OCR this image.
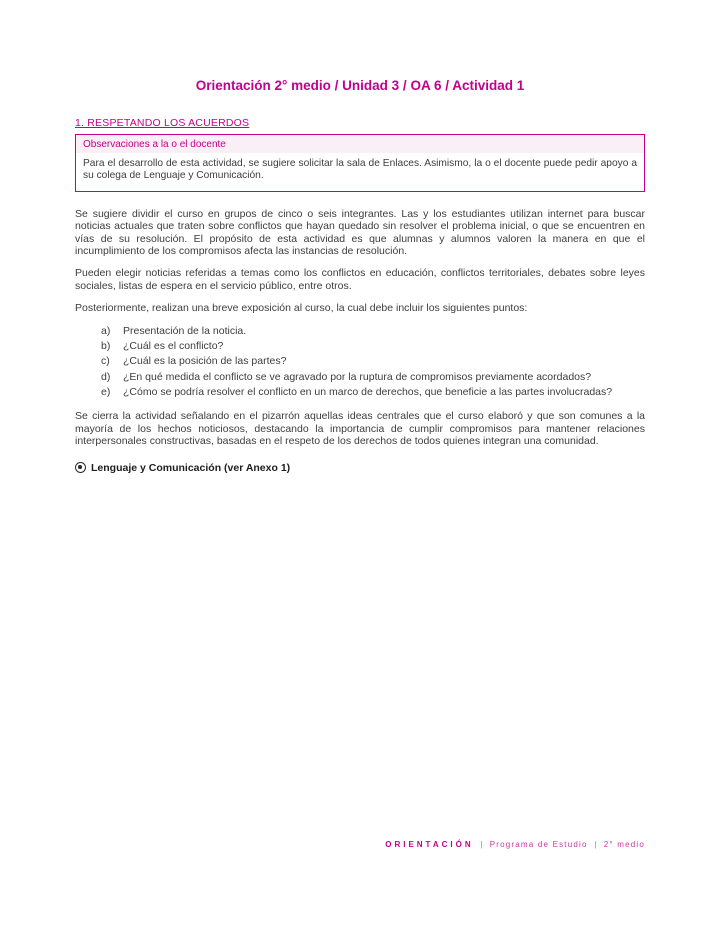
Orientación 2° medio / Unidad 3 / OA 6 / Actividad 1
1. RESPETANDO LOS ACUERDOS
Observaciones a la o el docente
Para el desarrollo de esta actividad, se sugiere solicitar la sala de Enlaces. Asimismo, la o el docente puede pedir apoyo a su colega de Lenguaje y Comunicación.
Se sugiere dividir el curso en grupos de cinco o seis integrantes. Las y los estudiantes utilizan internet para buscar noticias actuales que traten sobre conflictos que hayan quedado sin resolver el problema inicial, o que se encuentren en vías de su resolución. El propósito de esta actividad es que alumnas y alumnos valoren la manera en que el incumplimiento de los compromisos afecta las instancias de resolución.
Pueden elegir noticias referidas a temas como los conflictos en educación, conflictos territoriales, debates sobre leyes sociales, listas de espera en el servicio público, entre otros.
Posteriormente, realizan una breve exposición al curso, la cual debe incluir los siguientes puntos:
a)	Presentación de la noticia.
b)	¿Cuál es el conflicto?
c)	¿Cuál es la posición de las partes?
d)	¿En qué medida el conflicto se ve agravado por la ruptura de compromisos previamente acordados?
e)	¿Cómo se podría resolver el conflicto en un marco de derechos, que beneficie a las partes involucradas?
Se cierra la actividad señalando en el pizarrón aquellas ideas centrales que el curso elaboró y que son comunes a la mayoría de los hechos noticiosos, destacando la importancia de cumplir compromisos para mantener relaciones interpersonales constructivas, basadas en el respeto de los derechos de todos quienes integran una comunidad.
Lenguaje y Comunicación (ver Anexo 1)
ORIENTACIÓN | Programa de Estudio | 2° medio
